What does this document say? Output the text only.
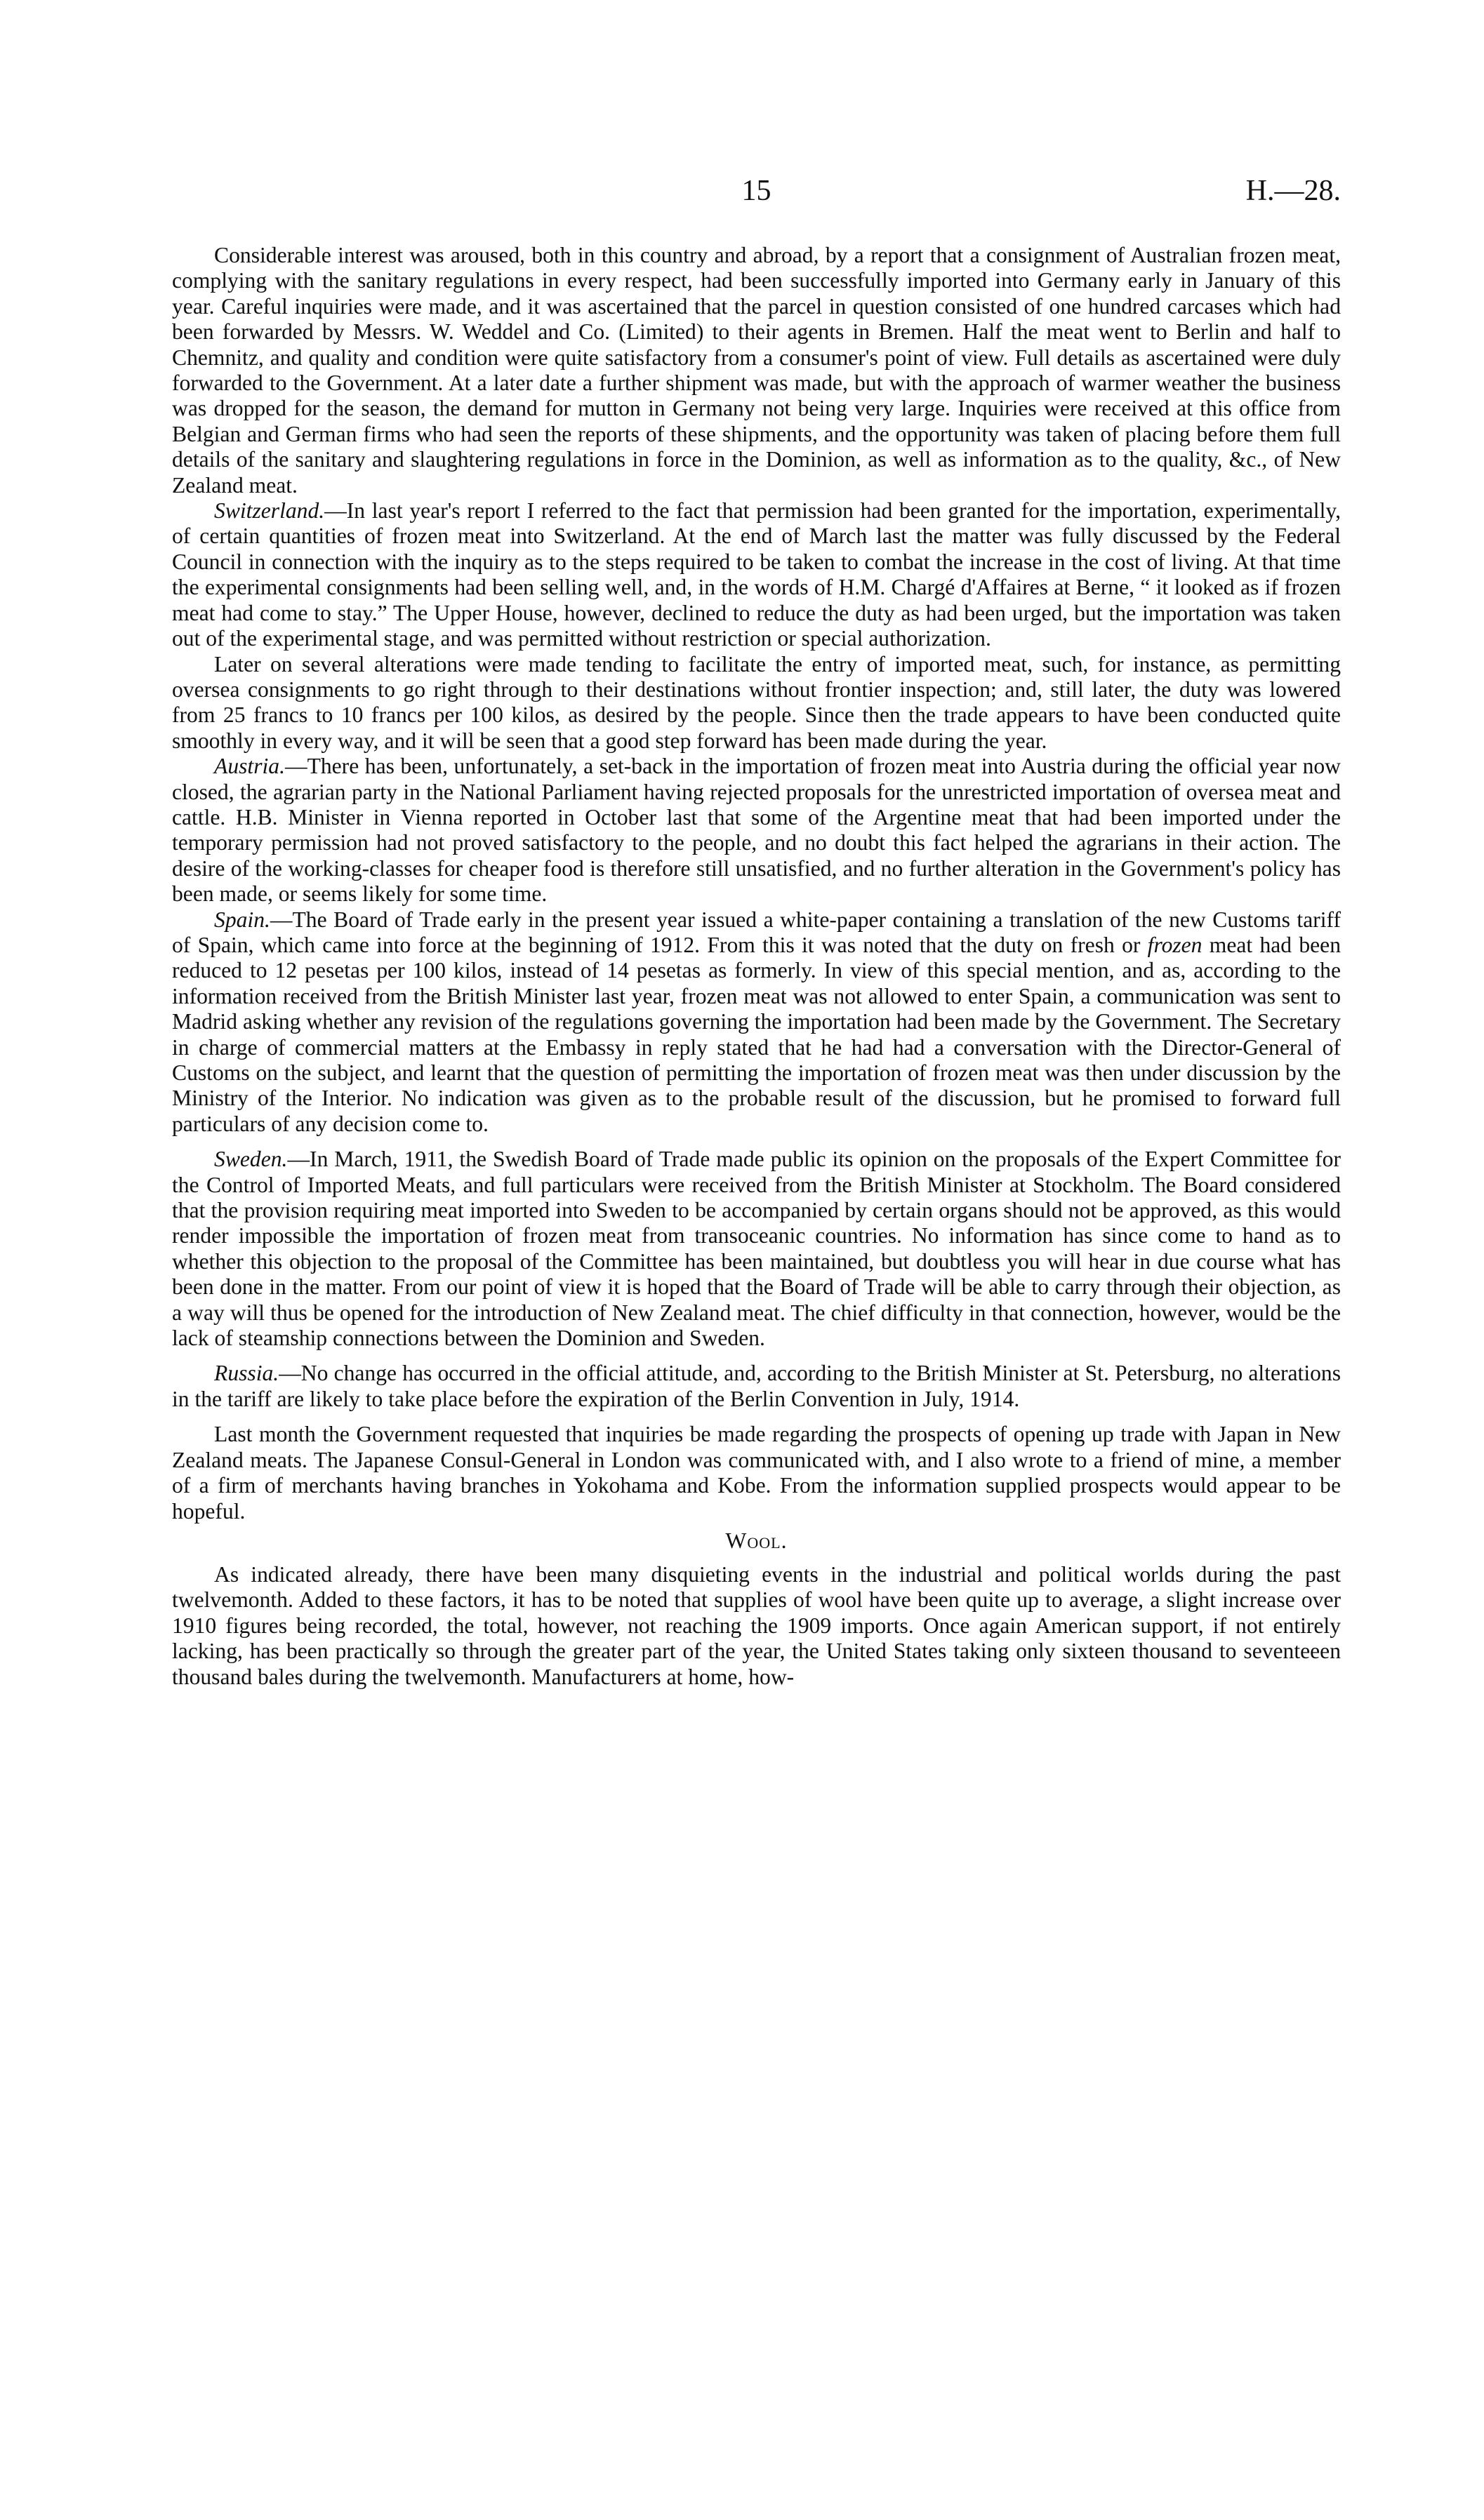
15	H.—28.

Considerable interest was aroused, both in this country and abroad, by a report that a consignment of Australian frozen meat, complying with the sanitary regulations in every respect, had been successfully imported into Germany early in January of this year. Careful inquiries were made, and it was ascertained that the parcel in question consisted of one hundred carcases which had been forwarded by Messrs. W. Weddel and Co. (Limited) to their agents in Bremen. Half the meat went to Berlin and half to Chemnitz, and quality and condition were quite satisfactory from a consumer's point of view. Full details as ascertained were duly forwarded to the Government. At a later date a further shipment was made, but with the approach of warmer weather the business was dropped for the season, the demand for mutton in Germany not being very large. Inquiries were received at this office from Belgian and German firms who had seen the reports of these shipments, and the opportunity was taken of placing before them full details of the sanitary and slaughtering regulations in force in the Dominion, as well as information as to the quality, &c., of New Zealand meat.

Switzerland.—In last year's report I referred to the fact that permission had been granted for the importation, experimentally, of certain quantities of frozen meat into Switzerland. At the end of March last the matter was fully discussed by the Federal Council in connection with the inquiry as to the steps required to be taken to combat the increase in the cost of living. At that time the experimental consignments had been selling well, and, in the words of H.M. Chargé d'Affaires at Berne, “ it looked as if frozen meat had come to stay.” The Upper House, however, declined to reduce the duty as had been urged, but the importation was taken out of the experimental stage, and was permitted without restriction or special authorization.

Later on several alterations were made tending to facilitate the entry of imported meat, such, for instance, as permitting oversea consignments to go right through to their destinations without frontier inspection; and, still later, the duty was lowered from 25 francs to 10 francs per 100 kilos, as desired by the people. Since then the trade appears to have been conducted quite smoothly in every way, and it will be seen that a good step forward has been made during the year.

Austria.—There has been, unfortunately, a set-back in the importation of frozen meat into Austria during the official year now closed, the agrarian party in the National Parliament having rejected proposals for the unrestricted importation of oversea meat and cattle. H.B. Minister in Vienna reported in October last that some of the Argentine meat that had been imported under the temporary permission had not proved satisfactory to the people, and no doubt this fact helped the agrarians in their action. The desire of the working-classes for cheaper food is therefore still unsatisfied, and no further alteration in the Government's policy has been made, or seems likely for some time.

Spain.—The Board of Trade early in the present year issued a white-paper containing a translation of the new Customs tariff of Spain, which came into force at the beginning of 1912. From this it was noted that the duty on fresh or frozen meat had been reduced to 12 pesetas per 100 kilos, instead of 14 pesetas as formerly. In view of this special mention, and as, according to the information received from the British Minister last year, frozen meat was not allowed to enter Spain, a communication was sent to Madrid asking whether any revision of the regulations governing the importation had been made by the Government. The Secretary in charge of commercial matters at the Embassy in reply stated that he had had a conversation with the Director-General of Customs on the subject, and learnt that the question of permitting the importation of frozen meat was then under discussion by the Ministry of the Interior. No indication was given as to the probable result of the discussion, but he promised to forward full particulars of any decision come to.

Sweden.—In March, 1911, the Swedish Board of Trade made public its opinion on the proposals of the Expert Committee for the Control of Imported Meats, and full particulars were received from the British Minister at Stockholm. The Board considered that the provision requiring meat imported into Sweden to be accompanied by certain organs should not be approved, as this would render impossible the importation of frozen meat from transoceanic countries. No information has since come to hand as to whether this objection to the proposal of the Committee has been maintained, but doubtless you will hear in due course what has been done in the matter. From our point of view it is hoped that the Board of Trade will be able to carry through their objection, as a way will thus be opened for the introduction of New Zealand meat. The chief difficulty in that connection, however, would be the lack of steamship connections between the Dominion and Sweden.

Russia.—No change has occurred in the official attitude, and, according to the British Minister at St. Petersburg, no alterations in the tariff are likely to take place before the expiration of the Berlin Convention in July, 1914.

Last month the Government requested that inquiries be made regarding the prospects of opening up trade with Japan in New Zealand meats. The Japanese Consul-General in London was communicated with, and I also wrote to a friend of mine, a member of a firm of merchants having branches in Yokohama and Kobe. From the information supplied prospects would appear to be hopeful.

Wool.

As indicated already, there have been many disquieting events in the industrial and political worlds during the past twelvemonth. Added to these factors, it has to be noted that supplies of wool have been quite up to average, a slight increase over 1910 figures being recorded, the total, however, not reaching the 1909 imports. Once again American support, if not entirely lacking, has been practically so through the greater part of the year, the United States taking only sixteen thousand to seventeeen thousand bales during the twelvemonth. Manufacturers at home, how-
